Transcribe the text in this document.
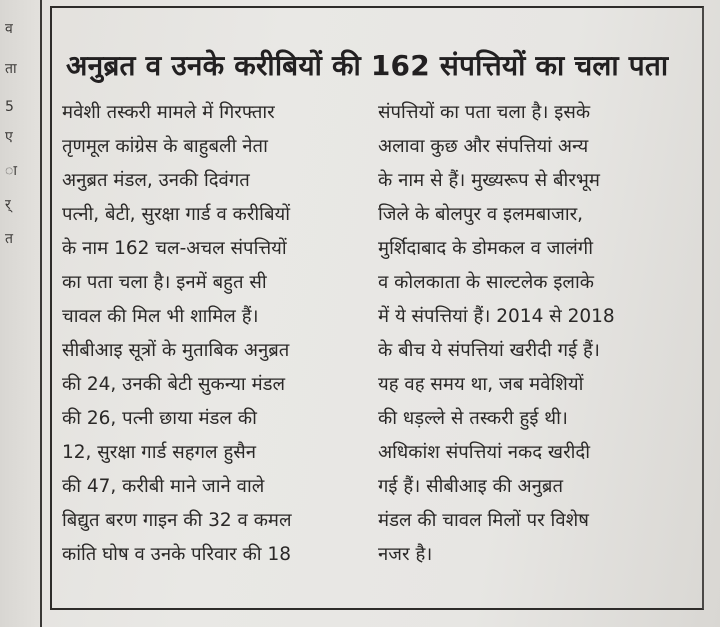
व
ता
5
ए
ा
र्
त
अनुब्रत व उनके करीबियों की 162 संपत्तियों का चला पता
मवेशी तस्करी मामले में गिरफ्तार
तृणमूल कांग्रेस के बाहुबली नेता
अनुब्रत मंडल, उनकी दिवंगत
पत्नी, बेटी, सुरक्षा गार्ड व करीबियों
के नाम 162 चल-अचल संपत्तियों
का पता चला है। इनमें बहुत सी
चावल की मिल भी शामिल हैं।
सीबीआइ सूत्रों के मुताबिक अनुब्रत
की 24, उनकी बेटी सुकन्या मंडल
की 26, पत्नी छाया मंडल की
12, सुरक्षा गार्ड सहगल हुसैन
की 47, करीबी माने जाने वाले
बिद्युत बरण गाइन की 32 व कमल
कांति घोष व उनके परिवार की 18
संपत्तियों का पता चला है। इसके
अलावा कुछ और संपत्तियां अन्य
के नाम से हैं। मुख्यरूप से बीरभूम
जिले के बोलपुर व इलमबाजार,
मुर्शिदाबाद के डोमकल व जालंगी
व कोलकाता के साल्टलेक इलाके
में ये संपत्तियां हैं। 2014 से 2018
के बीच ये संपत्तियां खरीदी गई हैं।
यह वह समय था, जब मवेशियों
की धड़ल्ले से तस्करी हुई थी।
अधिकांश संपत्तियां नकद खरीदी
गई हैं। सीबीआइ की अनुब्रत
मंडल की चावल मिलों पर विशेष
नजर है।
